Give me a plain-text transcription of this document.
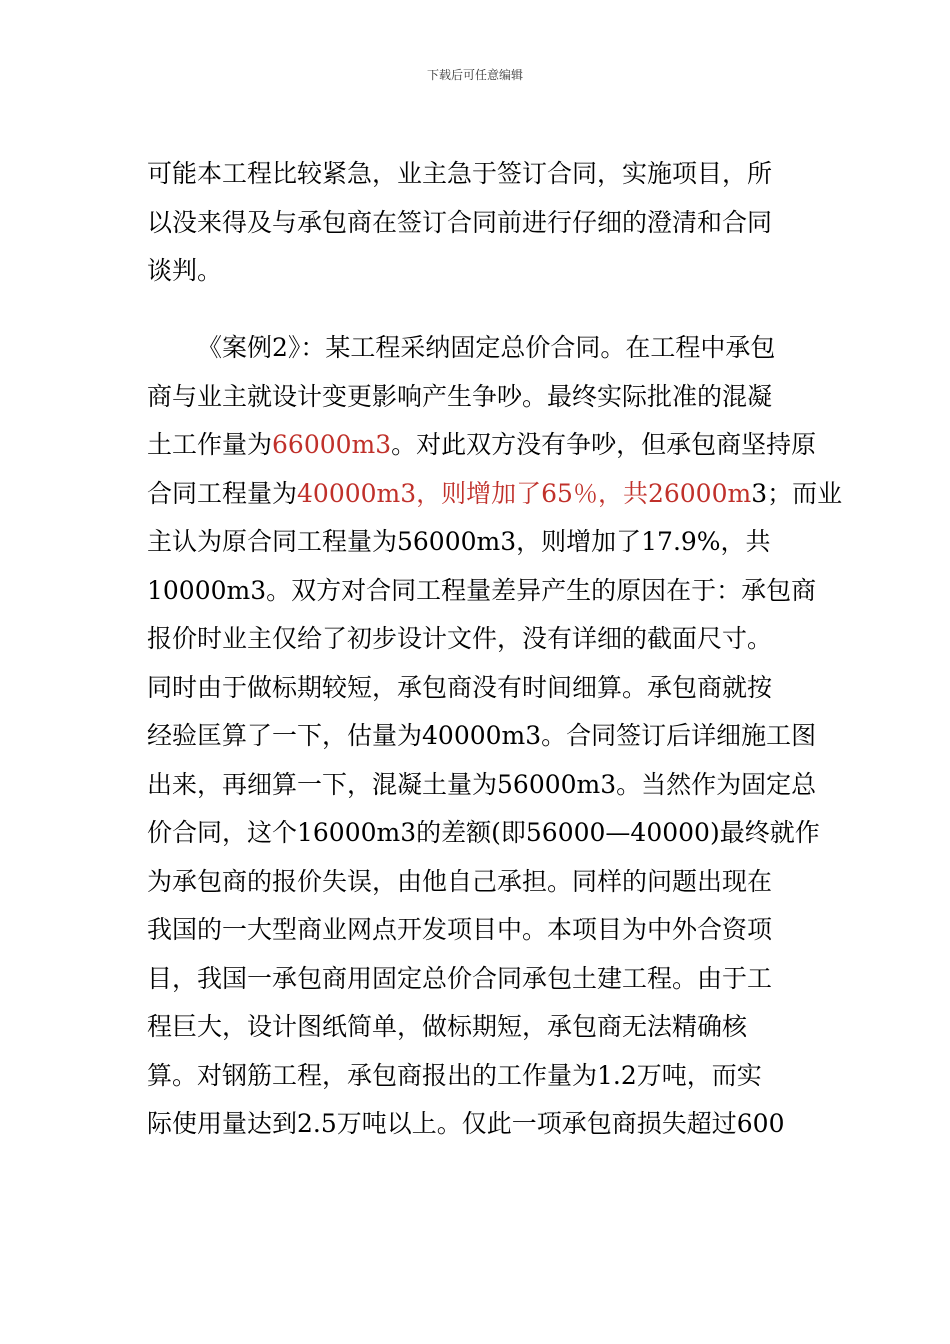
下载后可任意编辑
可能本工程比较紧急，业主急于签订合同，实施项目，所
以没来得及与承包商在签订合同前进行仔细的澄清和合同
谈判。
《案例2》：某工程采纳固定总价合同。在工程中承包
商与业主就设计变更影响产生争吵。最终实际批准的混凝
土工作量为66000m3。对此双方没有争吵，但承包商坚持原
合同工程量为40000m3，则增加了65％，共26000m3；而业
主认为原合同工程量为56000m3，则增加了17.9%，共
10000m3。双方对合同工程量差异产生的原因在于：承包商
报价时业主仅给了初步设计文件，没有详细的截面尺寸。
同时由于做标期较短，承包商没有时间细算。承包商就按
经验匡算了一下，估量为40000m3。合同签订后详细施工图
出来，再细算一下，混凝土量为56000m3。当然作为固定总
价合同，这个16000m3的差额(即56000—40000)最终就作
为承包商的报价失误，由他自己承担。同样的问题出现在
我国的一大型商业网点开发项目中。本项目为中外合资项
目，我国一承包商用固定总价合同承包土建工程。由于工
程巨大，设计图纸简单，做标期短，承包商无法精确核
算。对钢筋工程，承包商报出的工作量为1.2万吨，而实
际使用量达到2.5万吨以上。仅此一项承包商损失超过600
